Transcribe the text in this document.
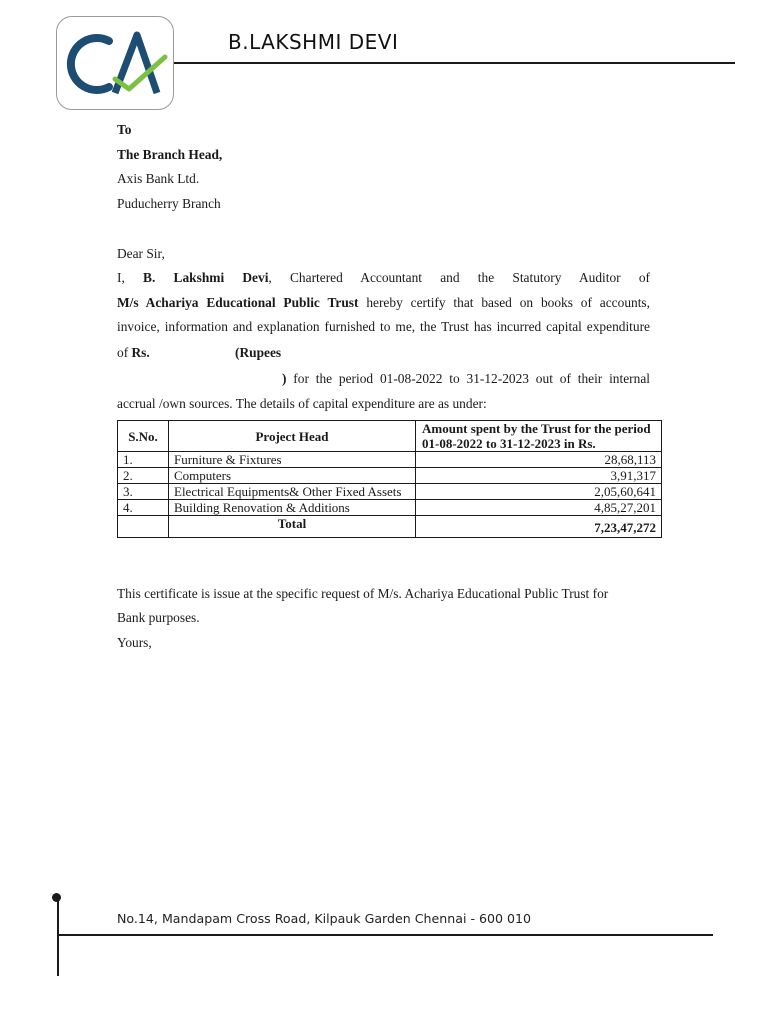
B.LAKSHMI DEVI
To
The Branch Head,
Axis Bank Ltd.
Puducherry Branch
Dear Sir,
I, B. Lakshmi Devi, Chartered Accountant and the Statutory Auditor of
M/s Achariya Educational Public Trust hereby certify that based on books of accounts,
invoice, information and explanation furnished to me, the Trust has incurred capital expenditure
of Rs.	(Rupees
) for the period 01-08-2022 to 31-12-2023 out of their internal
accrual /own sources. The details of capital expenditure are as under:
S.No.	Project Head	Amount spent by the Trust for the period 01-08-2022 to 31-12-2023 in Rs.
1.	Furniture & Fixtures	28,68,113
2.	Computers	3,91,317
3.	Electrical Equipments& Other Fixed Assets	2,05,60,641
4.	Building Renovation & Additions	4,85,27,201
	Total	7,23,47,272
This certificate is issue at the specific request of M/s. Achariya Educational Public Trust for
Bank purposes.
Yours,
No.14, Mandapam Cross Road, Kilpauk Garden Chennai - 600 010
